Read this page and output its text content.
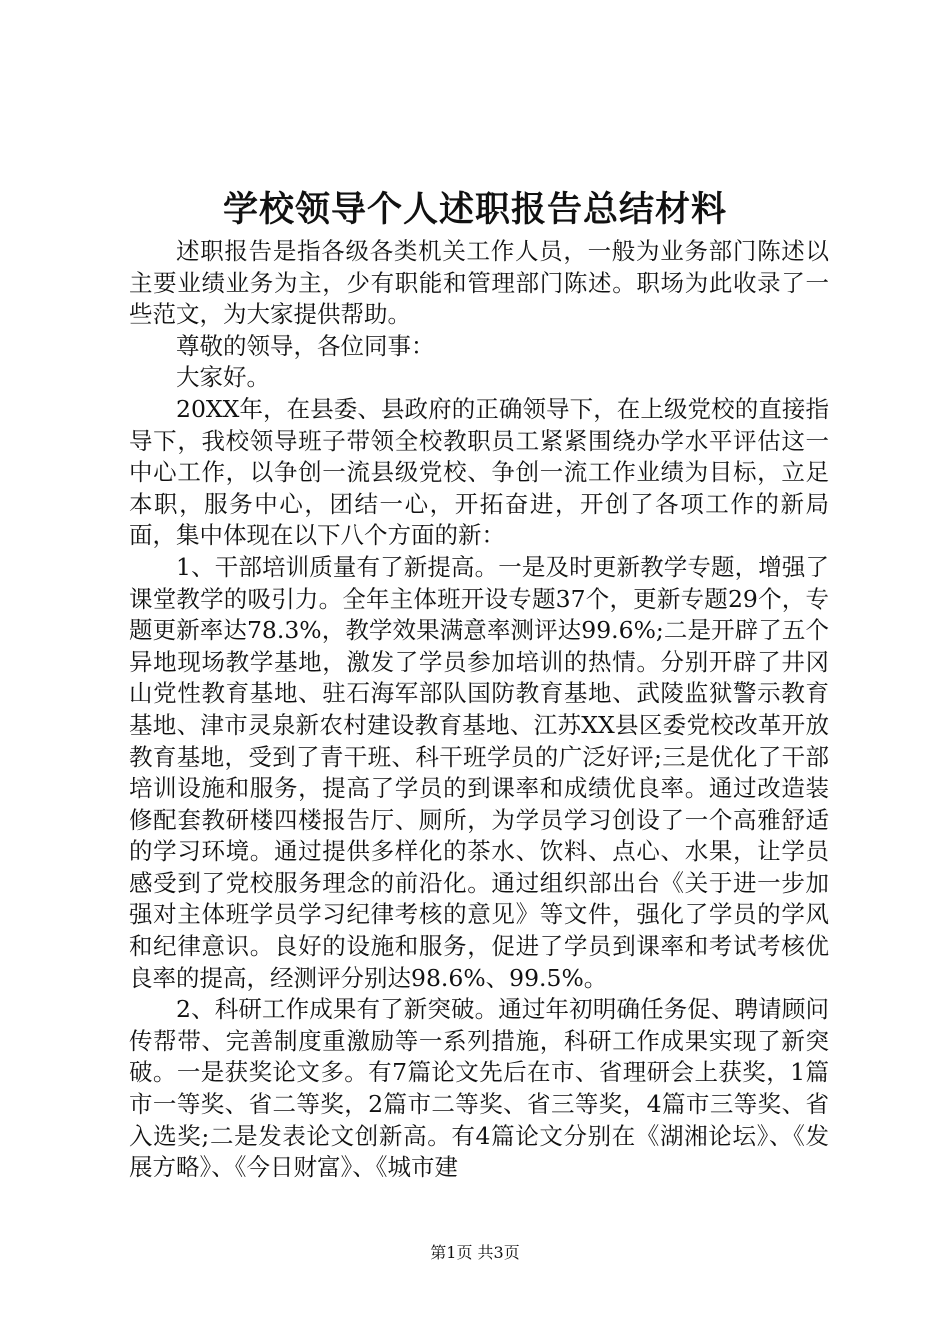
学校领导个人述职报告总结材料

述职报告是指各级各类机关工作人员，一般为业务部门陈述以主要业绩业务为主，少有职能和管理部门陈述。职场为此收录了一些范文，为大家提供帮助。

尊敬的领导，各位同事：

大家好。

20XX年，在县委、县政府的正确领导下，在上级党校的直接指导下，我校领导班子带领全校教职员工紧紧围绕办学水平评估这一中心工作，以争创一流县级党校、争创一流工作业绩为目标，立足本职，服务中心，团结一心，开拓奋进，开创了各项工作的新局面，集中体现在以下八个方面的新：

1、干部培训质量有了新提高。一是及时更新教学专题，增强了课堂教学的吸引力。全年主体班开设专题37个，更新专题29个，专题更新率达78.3%，教学效果满意率测评达99.6%;二是开辟了五个异地现场教学基地，激发了学员参加培训的热情。分别开辟了井冈山党性教育基地、驻石海军部队国防教育基地、武陵监狱警示教育基地、津市灵泉新农村建设教育基地、江苏XX县区委党校改革开放教育基地，受到了青干班、科干班学员的广泛好评;三是优化了干部培训设施和服务，提高了学员的到课率和成绩优良率。通过改造装修配套教研楼四楼报告厅、厕所，为学员学习创设了一个高雅舒适的学习环境。通过提供多样化的茶水、饮料、点心、水果，让学员感受到了党校服务理念的前沿化。通过组织部出台《关于进一步加强对主体班学员学习纪律考核的意见》等文件，强化了学员的学风和纪律意识。良好的设施和服务，促进了学员到课率和考试考核优良率的提高，经测评分别达98.6%、99.5%。

2、科研工作成果有了新突破。通过年初明确任务促、聘请顾问传帮带、完善制度重激励等一系列措施，科研工作成果实现了新突破。一是获奖论文多。有7篇论文先后在市、省理研会上获奖，1篇市一等奖、省二等奖，2篇市二等奖、省三等奖，4篇市三等奖、省入选奖;二是发表论文创新高。有4篇论文分别在《湖湘论坛》、《发展方略》、《今日财富》、《城市建

第1页 共3页
